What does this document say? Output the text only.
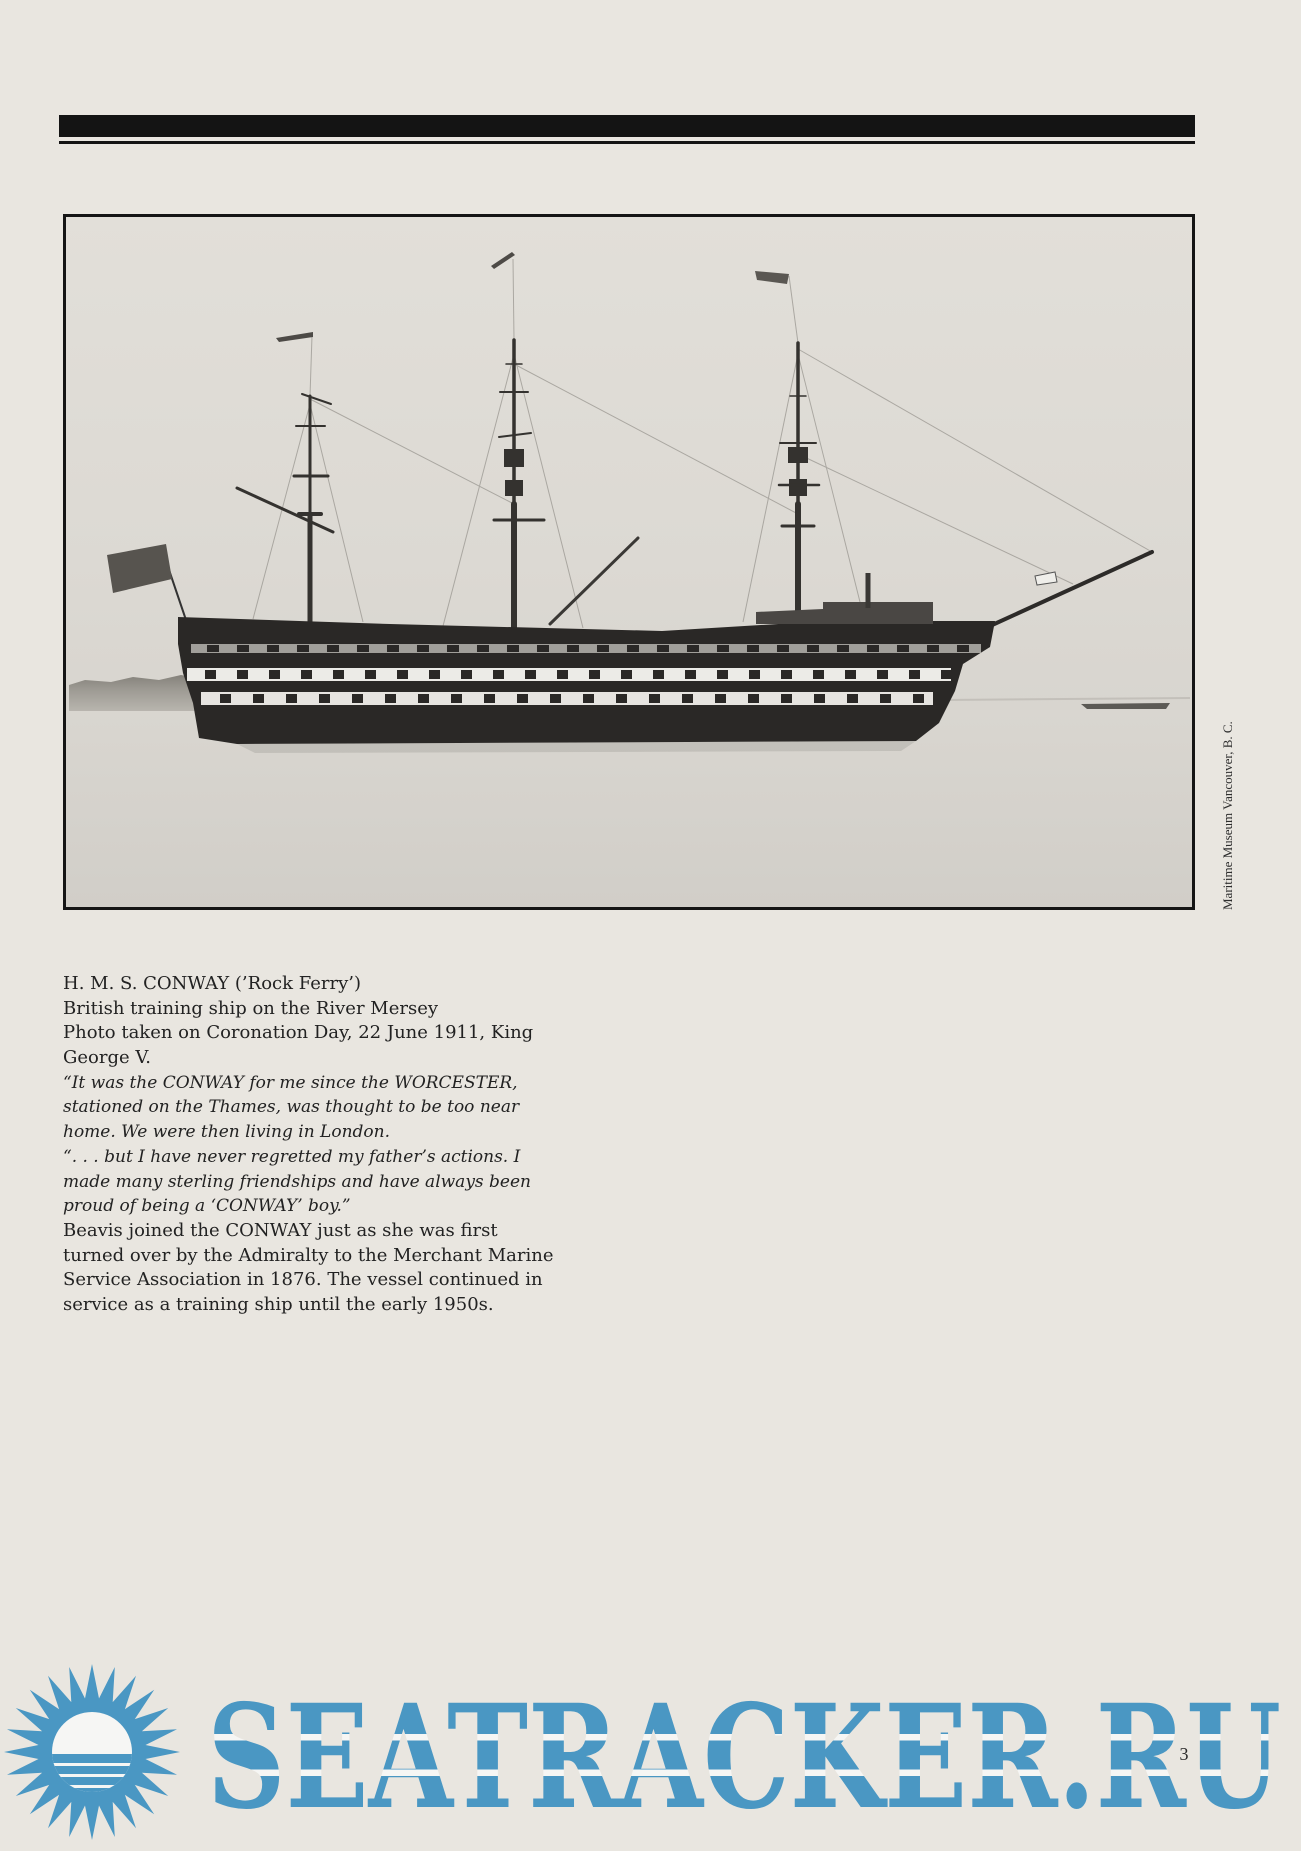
Maritime Museum Vancouver, B. C.
H. M. S. CONWAY (’Rock Ferry’)
British training ship on the River Mersey
Photo taken on Coronation Day, 22 June 1911, King
George V.
“It was the CONWAY for me since the WORCESTER,
stationed on the Thames, was thought to be too near
home. We were then living in London.
“. . . but I have never regretted my father’s actions. I
made many sterling friendships and have always been
proud of being a ‘CONWAY’ boy.”
Beavis joined the CONWAY just as she was first
turned over by the Admiralty to the Merchant Marine
Service Association in 1876. The vessel continued in
service as a training ship until the early 1950s.
SEATRACKER.RU
3
